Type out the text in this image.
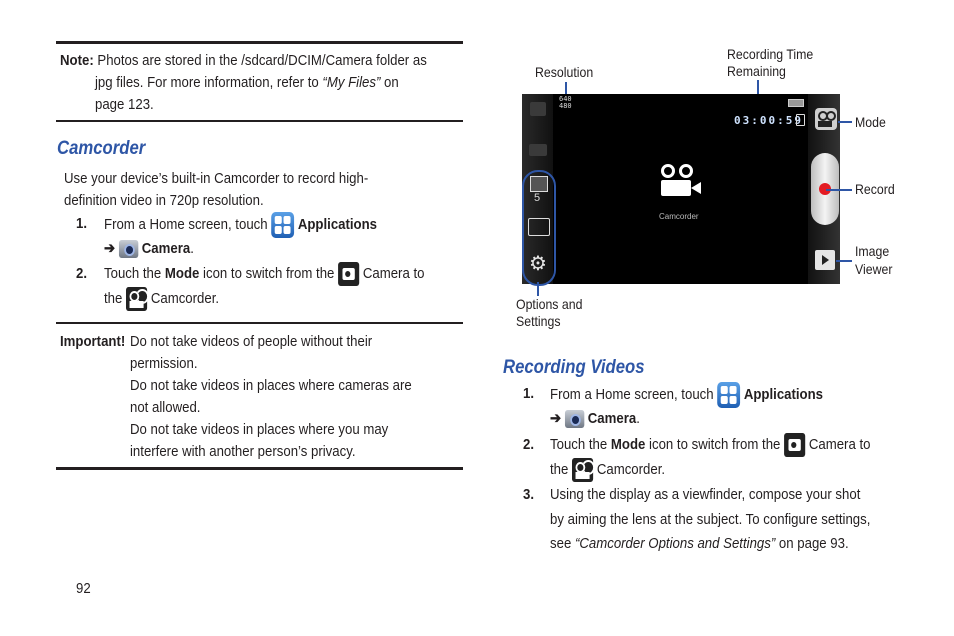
Note: Photos are stored in the /sdcard/DCIM/Camera folder as
jpg files. For more information, refer to “My Files” on
page 123.
Camcorder
Use your device’s built-in Camcorder to record high-
definition video in 720p resolution.
1. From a Home screen, touch Applications
➔ Camera.
2. Touch the Mode icon to switch from the Camera to
the Camcorder.
Important! Do not take videos of people without their
permission.
Do not take videos in places where cameras are
not allowed.
Do not take videos in places where you may
interfere with another person’s privacy.
92
Resolution
Recording Time
Remaining
5
⚙
640
480
03:00:59
Camcorder
Mode
Record
Image
Viewer
Options and
Settings
Recording Videos
1. From a Home screen, touch Applications
➔ Camera.
2. Touch the Mode icon to switch from the Camera to
the Camcorder.
3. Using the display as a viewfinder, compose your shot
by aiming the lens at the subject. To configure settings,
see “Camcorder Options and Settings” on page 93.
